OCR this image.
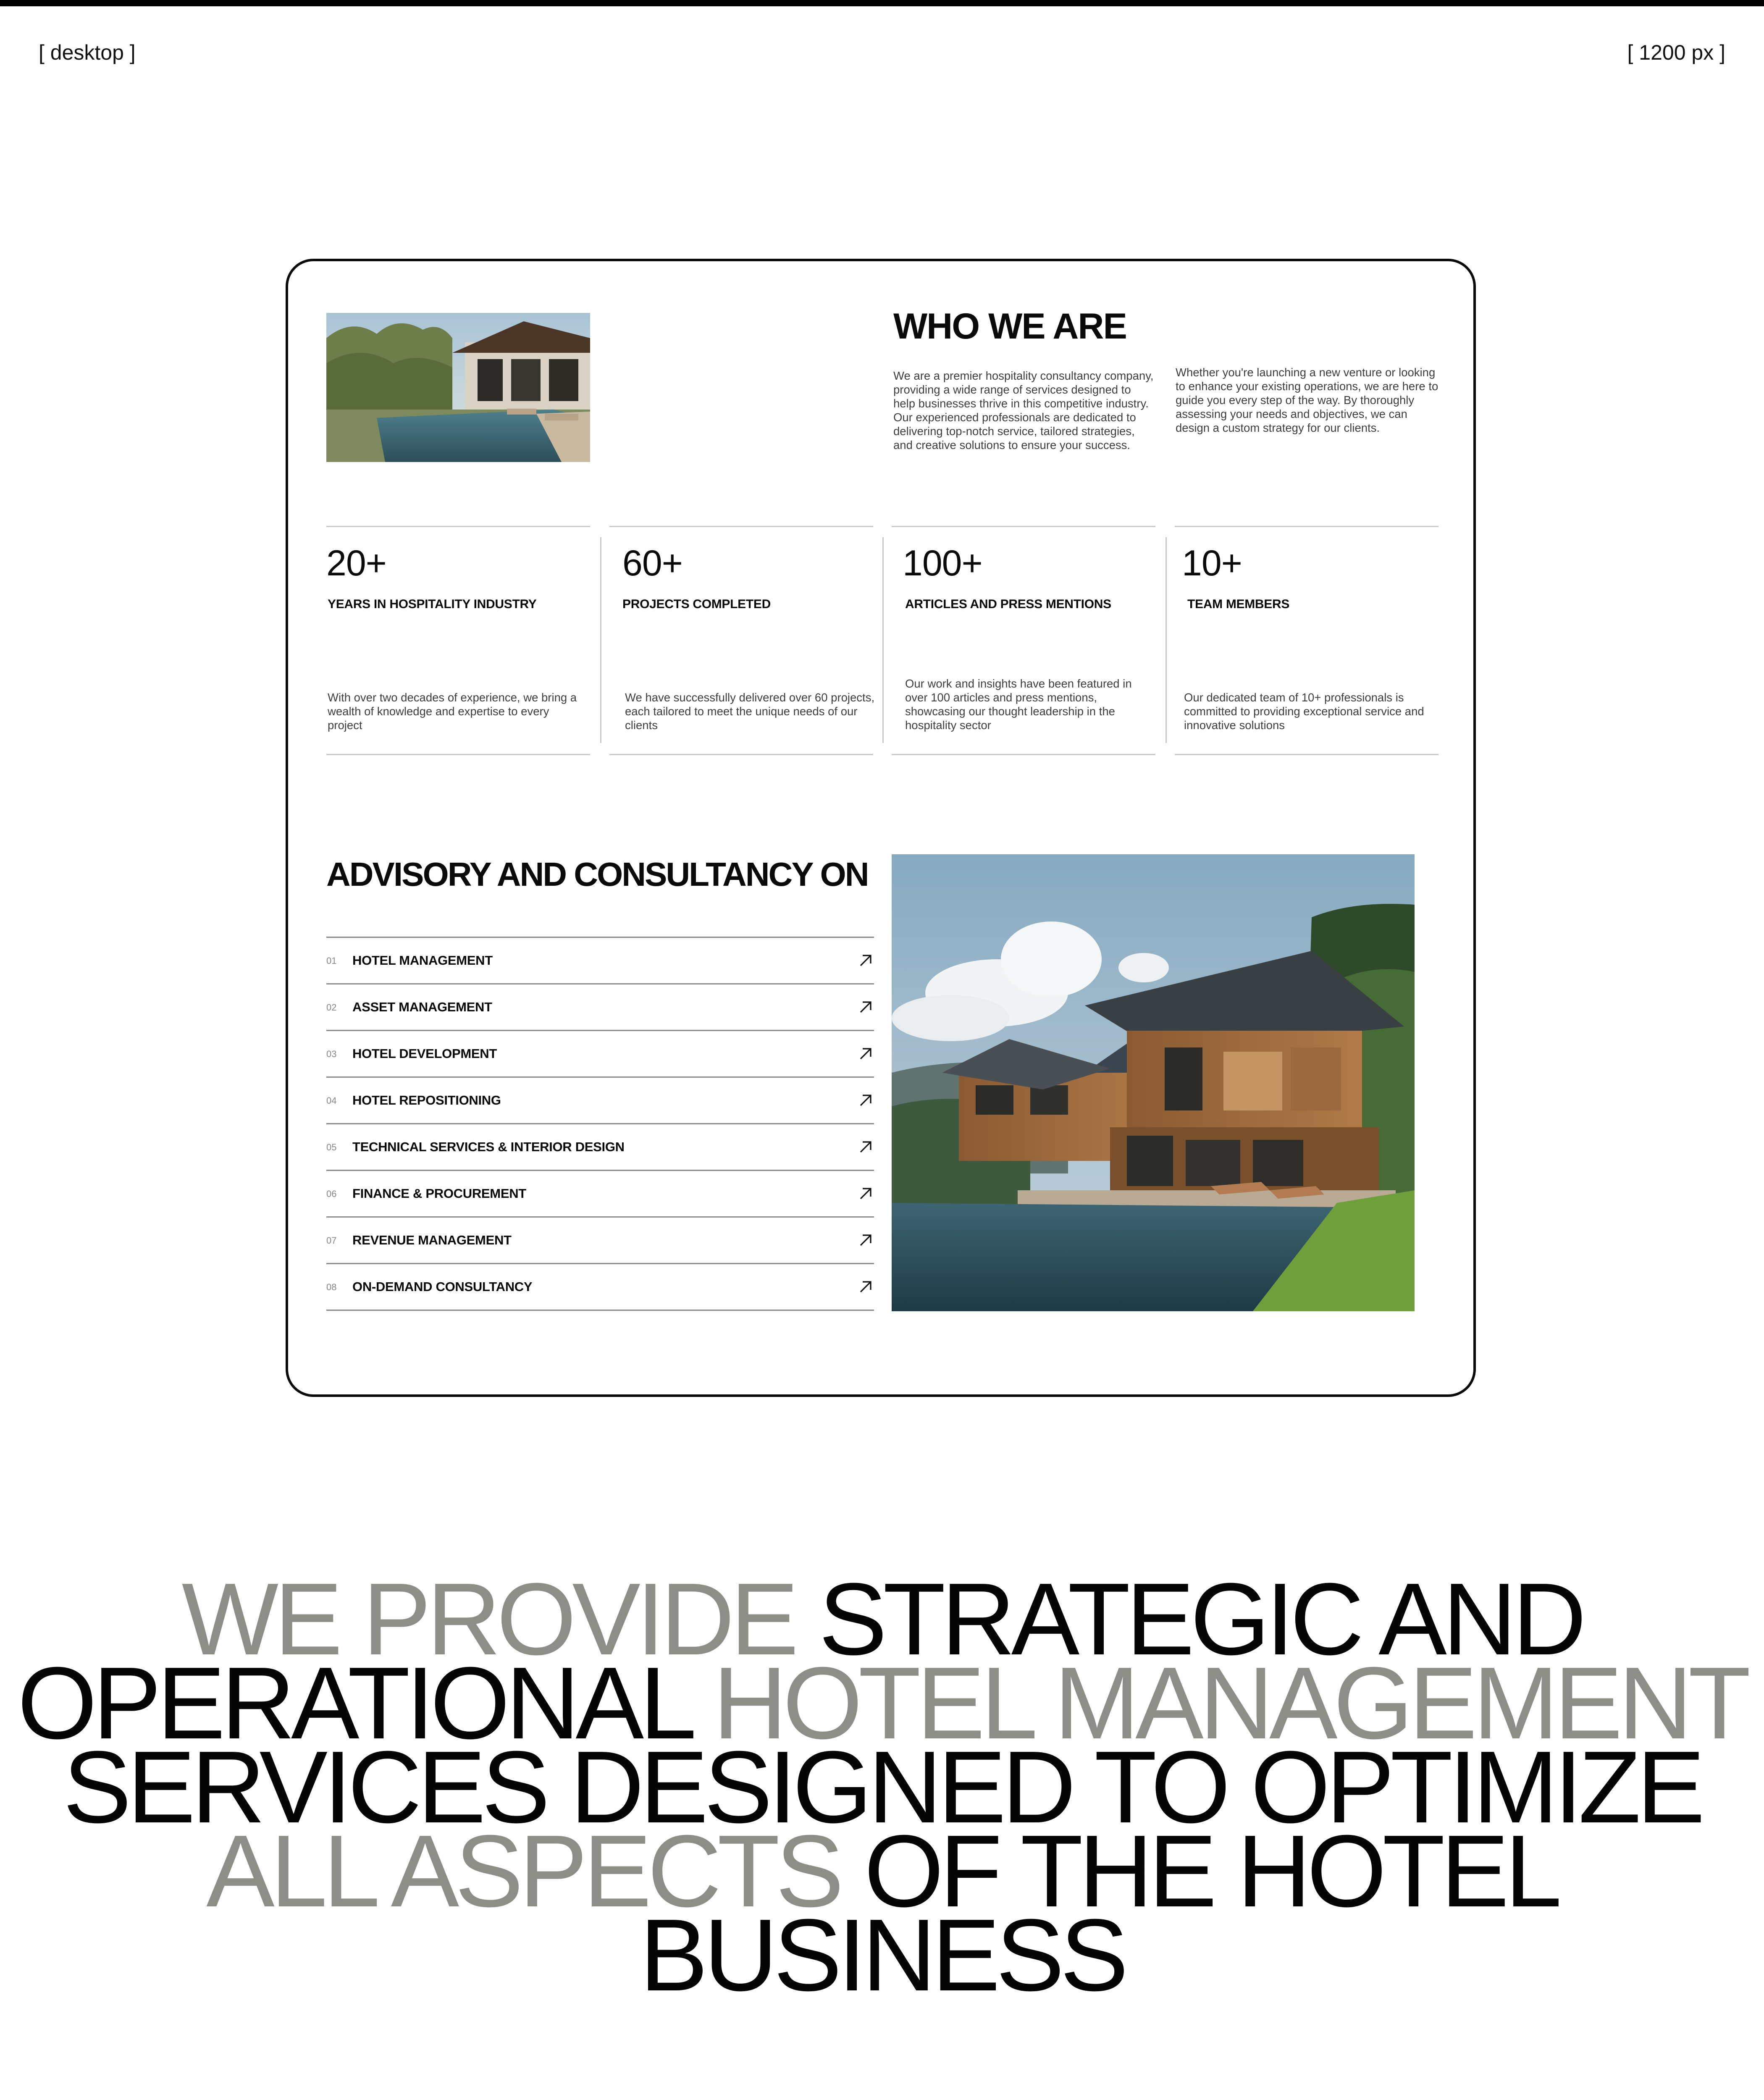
[ desktop ]	[ 1200 px ]
WHO WE ARE
We are a premier hospitality consultancy company, providing a wide range of services designed to help businesses thrive in this competitive industry. Our experienced professionals are dedicated to delivering top-notch service, tailored strategies, and creative solutions to ensure your success.
Whether you're launching a new venture or looking to enhance your existing operations, we are here to guide you every step of the way. By thoroughly assessing your needs and objectives, we can design a custom strategy for our clients.
20+
YEARS IN HOSPITALITY INDUSTRY
With over two decades of experience, we bring a wealth of knowledge and expertise to every project
60+
PROJECTS COMPLETED
We have successfully delivered over 60 projects, each tailored to meet the unique needs of our clients
100+
ARTICLES AND PRESS MENTIONS
Our work and insights have been featured in over 100 articles and press mentions, showcasing our thought leadership in the hospitality sector
10+
TEAM MEMBERS
Our dedicated team of 10+ professionals is committed to providing exceptional service and innovative solutions
ADVISORY AND CONSULTANCY ON
01 HOTEL MANAGEMENT
02 ASSET MANAGEMENT
03 HOTEL DEVELOPMENT
04 HOTEL REPOSITIONING
05 TECHNICAL SERVICES & INTERIOR DESIGN
06 FINANCE & PROCUREMENT
07 REVENUE MANAGEMENT
08 ON-DEMAND CONSULTANCY
WE PROVIDE STRATEGIC AND
OPERATIONAL HOTEL MANAGEMENT
SERVICES DESIGNED TO OPTIMIZE
ALL ASPECTS OF THE HOTEL
BUSINESS
